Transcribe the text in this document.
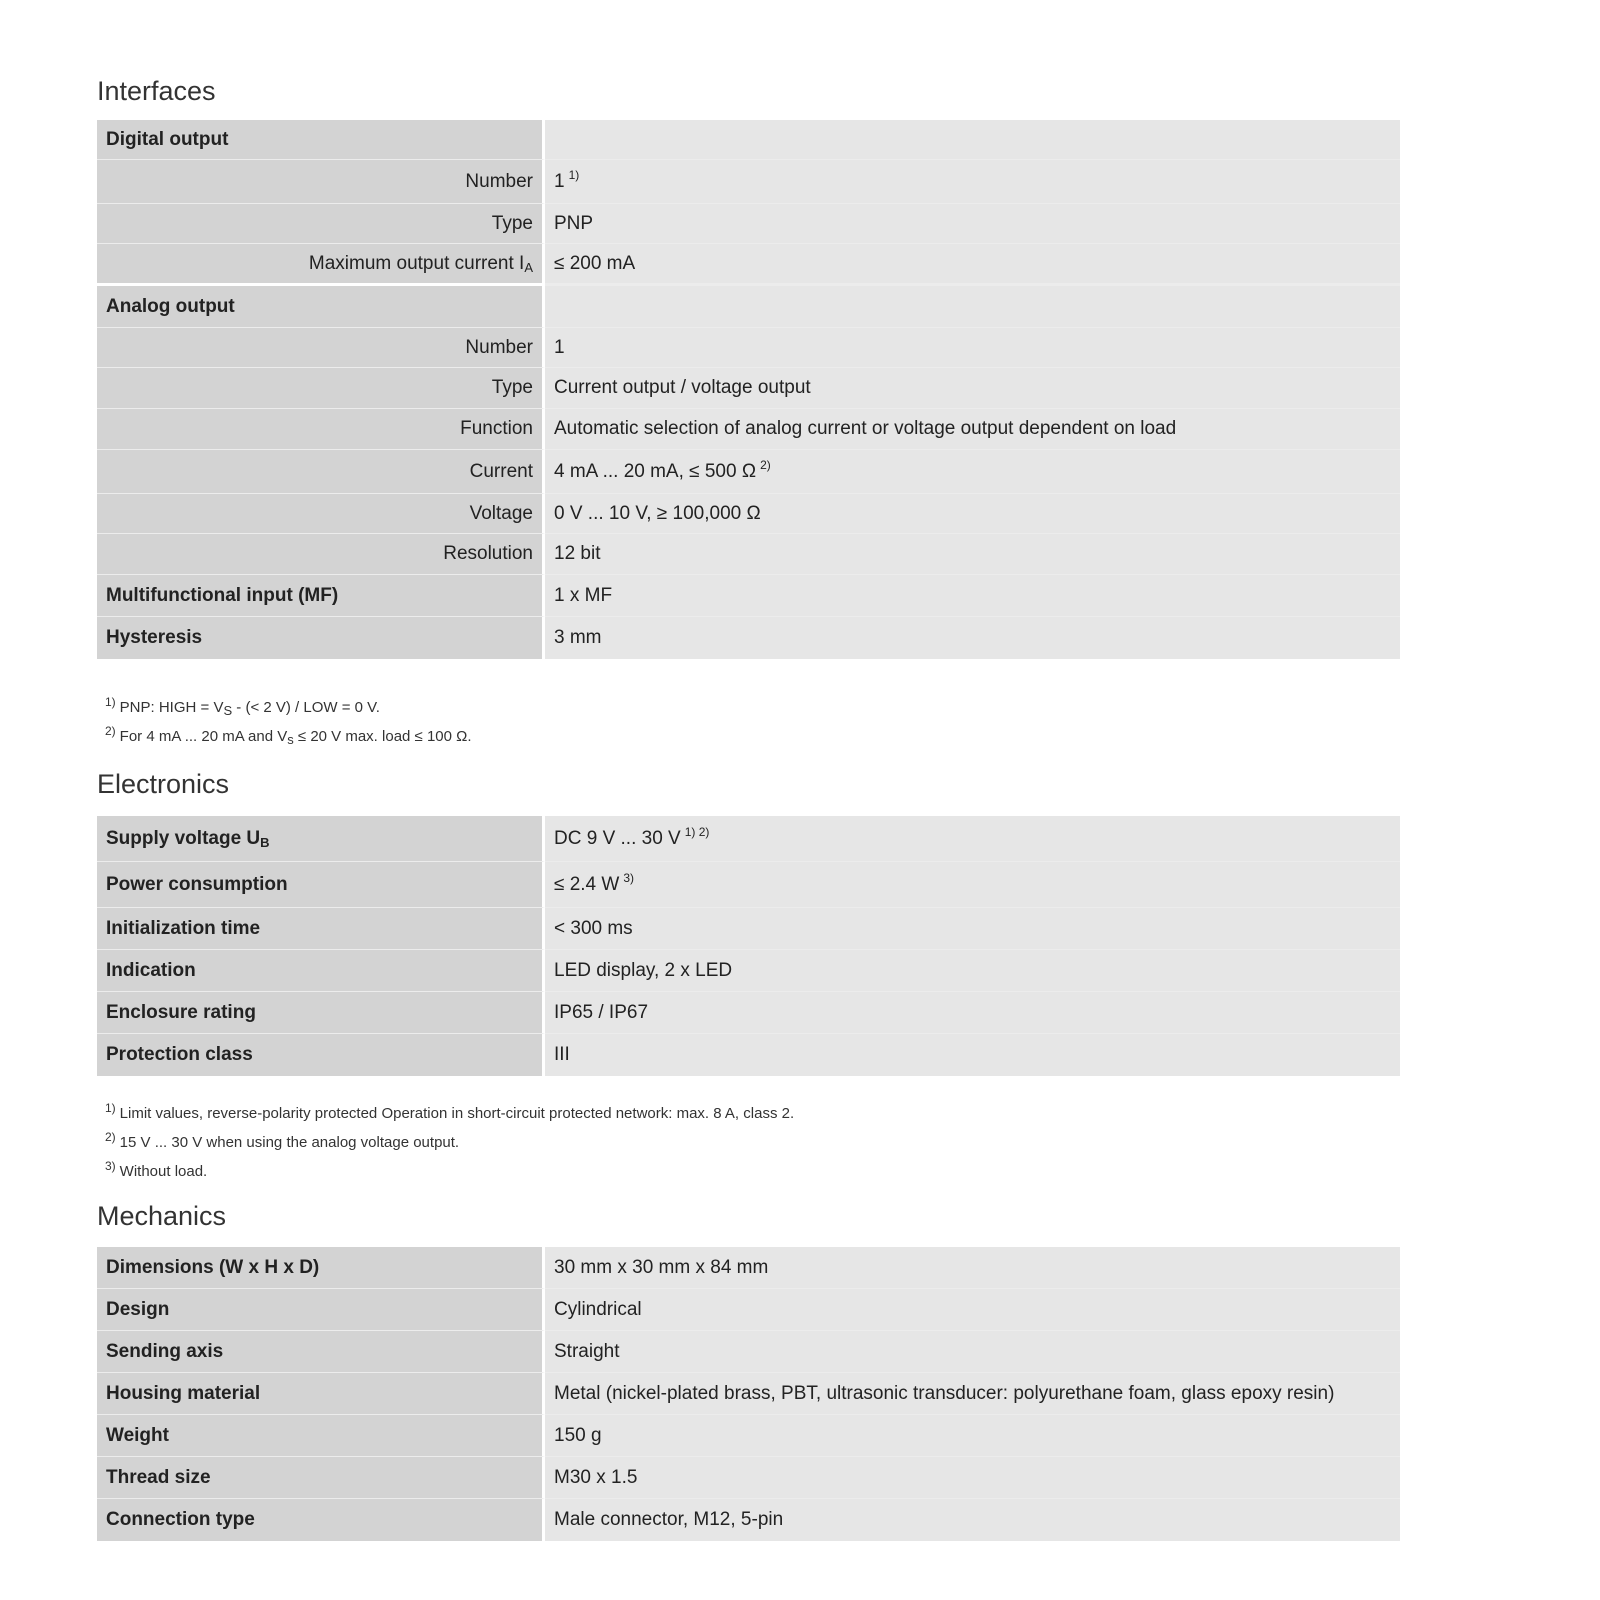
Interfaces
Digital output	
Number	1 $^{1)}$
Type	PNP
Maximum output current $I_A$	≤ 200 mA
Analog output	
Number	1
Type	Current output / voltage output
Function	Automatic selection of analog current or voltage output dependent on load
Current	4 mA ... 20 mA, ≤ 500 Ω $^{2)}$
Voltage	0 V ... 10 V, ≥ 100,000 Ω
Resolution	12 bit
Multifunctional input (MF)	1 x MF
Hysteresis	3 mm
$^{1)}$ PNP: HIGH = $V_S$ - (< 2 V) / LOW = 0 V.
$^{2)}$ For 4 mA ... 20 mA and $V_s \le 20$ V max. load ≤ 100 Ω.
Electronics
Supply voltage $U_B$	DC 9 V ... 30 V $^{1) 2)}$
Power consumption	≤ 2.4 W $^{3)}$
Initialization time	< 300 ms
Indication	LED display, 2 x LED
Enclosure rating	IP65 / IP67
Protection class	III
$^{1)}$ Limit values, reverse-polarity protected Operation in short-circuit protected network: max. 8 A, class 2.
$^{2)}$ 15 V ... 30 V when using the analog voltage output.
$^{3)}$ Without load.
Mechanics
Dimensions (W x H x D)	30 mm x 30 mm x 84 mm
Design	Cylindrical
Sending axis	Straight
Housing material	Metal (nickel-plated brass, PBT, ultrasonic transducer: polyurethane foam, glass epoxy resin)
Weight	150 g
Thread size	M30 x 1.5
Connection type	Male connector, M12, 5-pin
